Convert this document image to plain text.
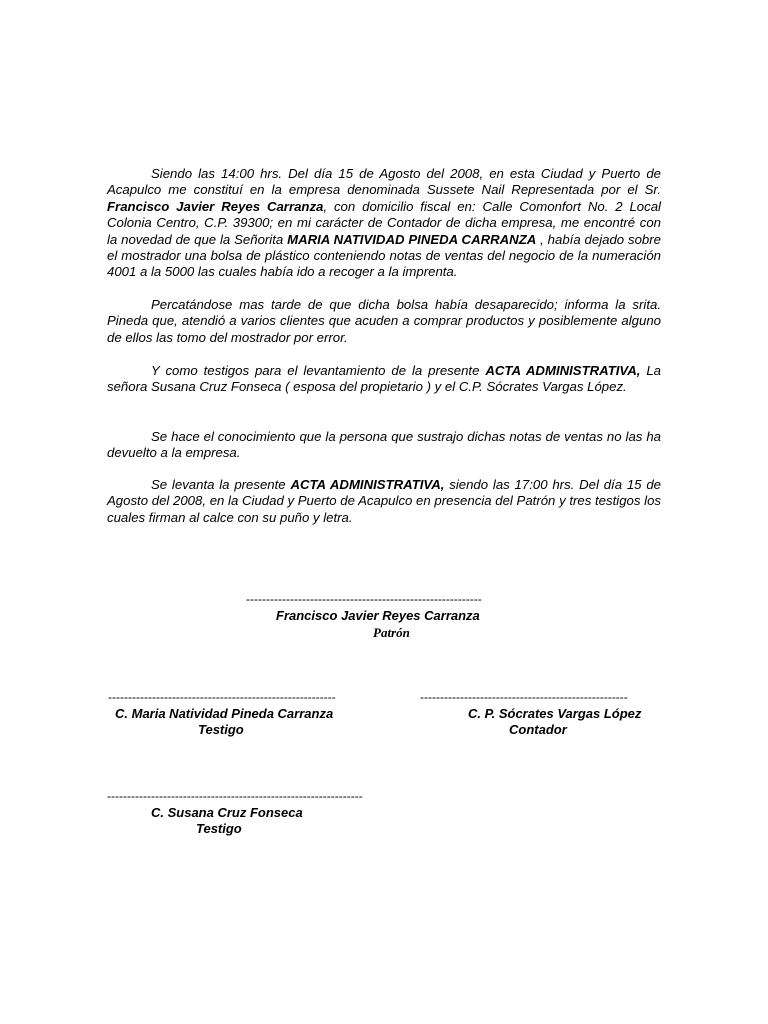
Siendo las 14:00 hrs. Del día 15 de Agosto del 2008, en esta Ciudad y Puerto de Acapulco me constituí en la empresa denominada Sussete Nail Representada por el Sr. Francisco Javier Reyes Carranza, con domicilio fiscal en: Calle Comonfort No. 2 Local Colonia Centro, C.P. 39300; en mi carácter de Contador de dicha empresa, me encontré con la novedad de que la Señorita MARIA NATIVIDAD PINEDA CARRANZA , había dejado sobre el mostrador una bolsa de plástico conteniendo notas de ventas del negocio de la numeración 4001 a la 5000 las cuales había ido a recoger a la imprenta.

Percatándose mas tarde de que dicha bolsa había desaparecido; informa la srita. Pineda que, atendió a varios clientes que acuden a comprar productos y posiblemente alguno de ellos las tomo del mostrador por error.

Y como testigos para el levantamiento de la presente ACTA ADMINISTRATIVA, La señora Susana Cruz Fonseca ( esposa del propietario ) y el C.P. Sócrates Vargas López.

Se hace el conocimiento que la persona que sustrajo dichas notas de ventas no las ha devuelto a la empresa.

Se levanta la presente ACTA ADMINISTRATIVA, siendo las 17:00 hrs. Del día 15 de Agosto del 2008, en la Ciudad y Puerto de Acapulco en presencia del Patrón y tres testigos los cuales firman al calce con su puño y letra.

-----------------------------------------------------------
Francisco Javier Reyes Carranza
Patrón
---------------------------------------------------------
C. Maria Natividad Pineda Carranza
Testigo
----------------------------------------------------
C. P. Sócrates Vargas López
Contador
----------------------------------------------------------------
C. Susana Cruz Fonseca
Testigo
